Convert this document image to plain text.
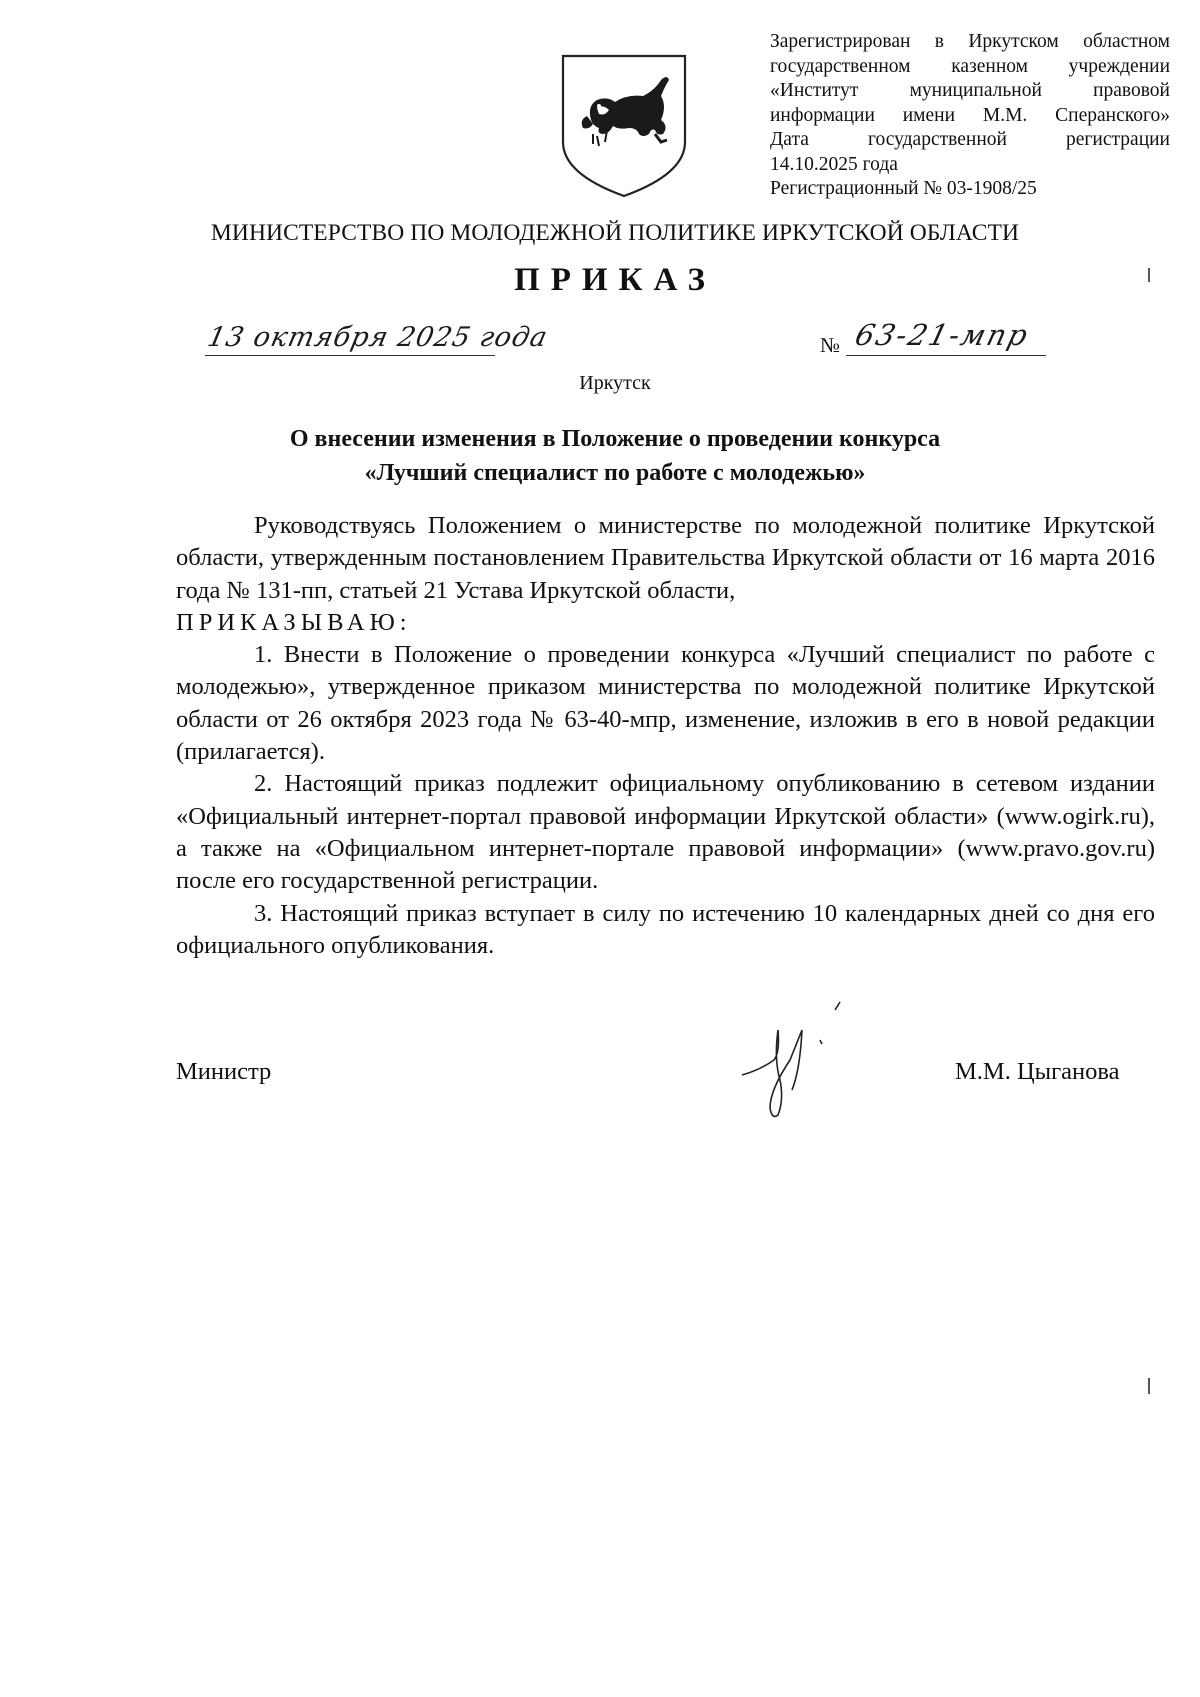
Зарегистрирован в Иркутском областном
государственном казенном учреждении
«Институт муниципальной правовой
информации имени М.М. Сперанского»
Дата государственной регистрации
14.10.2025 года
Регистрационный № 03-1908/25
МИНИСТЕРСТВО ПО МОЛОДЕЖНОЙ ПОЛИТИКЕ ИРКУТСКОЙ ОБЛАСТИ
ПРИКАЗ
13 октября 2025 года	№ 63-21-мпр
Иркутск
О внесении изменения в Положение о проведении конкурса
«Лучший специалист по работе с молодежью»

Руководствуясь Положением о министерстве по молодежной политике Иркутской области, утвержденным постановлением Правительства Иркутской области от 16 марта 2016 года № 131-пп, статьей 21 Устава Иркутской области,

ПРИКАЗЫВАЮ:

1. Внести в Положение о проведении конкурса «Лучший специалист по работе с молодежью», утвержденное приказом министерства по молодежной политике Иркутской области от 26 октября 2023 года № 63-40-мпр, изменение, изложив в его в новой редакции (прилагается).

2. Настоящий приказ подлежит официальному опубликованию в сетевом издании «Официальный интернет-портал правовой информации Иркутской области» (www.ogirk.ru), а также на «Официальном интернет-портале правовой информации» (www.pravo.gov.ru) после его государственной регистрации.

3. Настоящий приказ вступает в силу по истечению 10 календарных дней со дня его официального опубликования.

Министр	М.М. Цыганова
